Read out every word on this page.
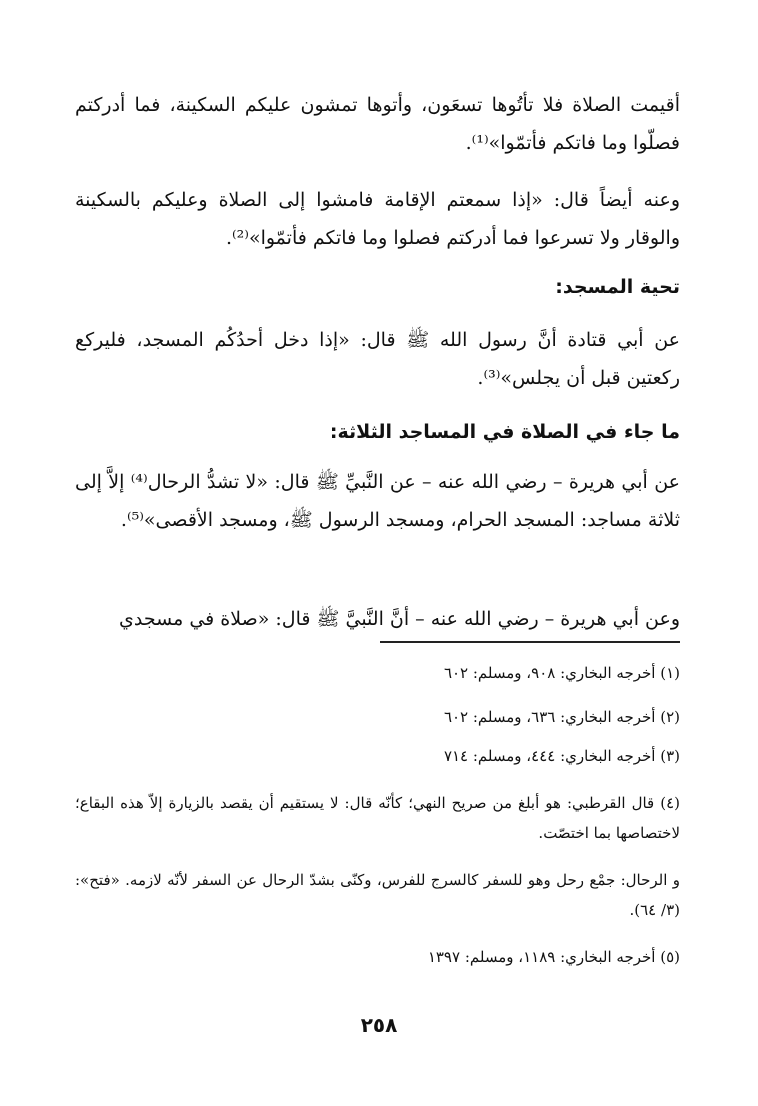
أقيمت الصلاة فلا تأتُوها تسعَون، وأتوها تمشون عليكم السكينة، فما أدركتم فصلّوا وما فاتكم فأتمّوا»⁽¹⁾.
وعنه أيضاً قال: «إذا سمعتم الإقامة فامشوا إلى الصلاة وعليكم بالسكينة والوقار ولا تسرعوا فما أدركتم فصلوا وما فاتكم فأتمّوا»⁽²⁾.
تحية المسجد:
عن أبي قتادة أنَّ رسول الله ﷺ قال: «إذا دخل أحدُكُم المسجد، فليركع ركعتين قبل أن يجلس»⁽³⁾.
ما جاء في الصلاة في المساجد الثلاثة:
عن أبي هريرة – رضي الله عنه – عن النَّبيِّ ﷺ قال: «لا تشدُّ الرحال⁽⁴⁾ إلاَّ إلى ثلاثة مساجد: المسجد الحرام، ومسجد الرسول ﷺ، ومسجد الأقصى»⁽⁵⁾.
وعن أبي هريرة – رضي الله عنه – أنَّ النَّبيَّ ﷺ قال: «صلاة في مسجدي
(١) أخرجه البخاري: ٩٠٨، ومسلم: ٦٠٢
(٢) أخرجه البخاري: ٦٣٦، ومسلم: ٦٠٢
(٣) أخرجه البخاري: ٤٤٤، ومسلم: ٧١٤
(٤) قال القرطبي: هو أبلغ من صريح النهي؛ كأنّه قال: لا يستقيم أن يقصد بالزيارة إلاّ هذه البقاع؛ لاختصاصها بما اختصّت.
و الرحال: جمْع رحل وهو للسفر كالسرج للفرس، وكنّى بشدّ الرحال عن السفر لأنّه لازمه. «فتح»: (٣/ ٦٤).
(٥) أخرجه البخاري: ١١٨٩، ومسلم: ١٣٩٧
٢٥٨
